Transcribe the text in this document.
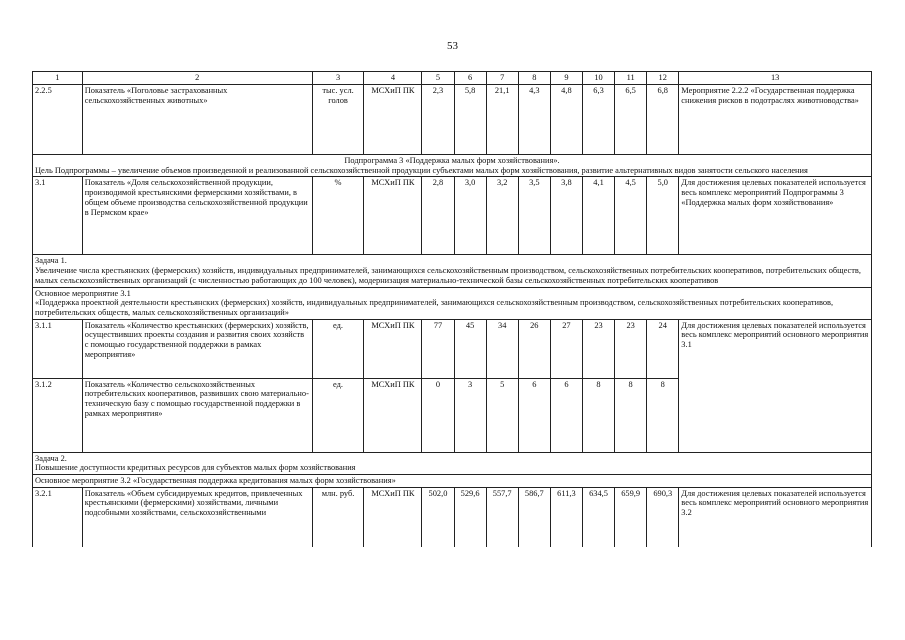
53
1	2	3	4	5	6	7	8	9	10	11	12	13
2.2.5	Показатель «Поголовье застрахованных сельскохозяйственных животных»	тыс. усл. голов	МСХиП ПК	2,3	5,8	21,1	4,3	4,8	6,3	6,5	6,8	Мероприятие 2.2.2 «Государственная поддержка снижения рисков в подотраслях животноводства»

Подпрограмма 3 «Поддержка малых форм хозяйствования».
Цель Подпрограммы – увеличение объемов произведенной и реализованной сельскохозяйственной продукции субъектами малых форм хозяйствования, развитие альтернативных видов занятости сельского населения												
3.1	Показатель «Доля сельскохозяйственной продукции, производимой крестьянскими фермерскими хозяйствами, в общем объеме производства сельскохозяйственной продукции в Пермском крае»	%	МСХиП ПК	2,8	3,0	3,2	3,5	3,8	4,1	4,5	5,0	Для достижения целевых показателей используется весь комплекс мероприятий Подпрограммы 3 «Поддержка малых форм хозяйствования»
Задача 1.
Увеличение числа крестьянских (фермерских) хозяйств, индивидуальных предпринимателей, занимающихся сельскохозяйственным производством, сельскохозяйственных потребительских кооперативов, потребительских обществ, малых сельскохозяйственных организаций (с численностью работающих до 100 человек), модернизация материально-технической базы сельскохозяйственных потребительских кооперативов												
Основное мероприятие 3.1
«Поддержка проектной деятельности крестьянских (фермерских) хозяйств, индивидуальных предпринимателей, занимающихся сельскохозяйственным производством, сельскохозяйственных потребительских кооперативов, потребительских обществ, малых сельскохозяйственных организаций»												
3.1.1	Показатель «Количество крестьянских (фермерских) хозяйств, осуществивших проекты создания и развития своих хозяйств с помощью государственной поддержки в рамках мероприятия»	ед.	МСХиП ПК	77	45	34	26	27	23	23	24	Для достижения целевых показателей используется весь комплекс мероприятий основного мероприятия 3.1
3.1.2	Показатель «Количество сельскохозяйственных потребительских кооперативов, развивших свою материально-техническую базу с помощью государственной поддержки в рамках мероприятия»	ед.	МСХиП ПК	0	3	5	6	6	8	8	8	
Задача 2.
Повышение доступности кредитных ресурсов для субъектов малых форм хозяйствования												
Основное мероприятие 3.2 «Государственная поддержка кредитования малых форм хозяйствования»												
3.2.1	Показатель «Объем субсидируемых кредитов, привлеченных крестьянскими (фермерскими) хозяйствами, личными подсобными хозяйствами, сельскохозяйственными	млн. руб.	МСХиП ПК	502,0	529,6	557,7	586,7	611,3	634,5	659,9	690,3	Для достижения целевых показателей используется весь комплекс мероприятий основного мероприятия 3.2
